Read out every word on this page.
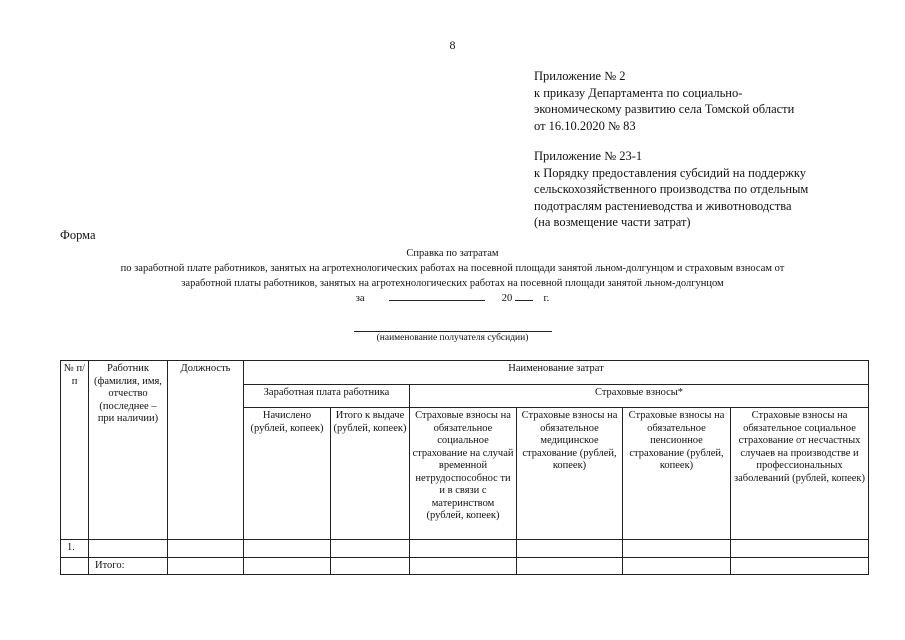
8
Приложение № 2
к приказу Департамента по социально-
экономическому развитию села Томской области
от 16.10.2020 № 83
Приложение № 23-1
к Порядку предоставления субсидий на поддержку
сельскохозяйственного производства по отдельным
подотраслям растениеводства и животноводства
(на возмещение части затрат)
Форма
Справка по затратам
по заработной плате работников, занятых на агротехнологических работах на посевной площади занятой льном-долгунцом и страховым взносам от
заработной платы работников, занятых на агротехнологических работах на посевной площади занятой льном-долгунцом
за	20	г.
(наименование получателя субсидии)
№ п/п	Работник (фамилия, имя, отчество (последнее – при наличии)	Должность	Наименование затрат					
			Заработная плата работника		Страховые взносы*			
			Начислено (рублей, копеек)	Итого к выдаче (рублей, копеек)	Страховые взносы на обязательное социальное страхование на случай временной нетрудоспособнос ти и в связи с материнством (рублей, копеек)	Страховые взносы на обязательное медицинское страхование (рублей, копеек)	Страховые взносы на обязательное пенсионное страхование (рублей, копеек)	Страховые взносы на обязательное социальное страхование от несчастных случаев на производстве и профессиональных заболеваний (рублей, копеек)
1.								
	Итого:							
